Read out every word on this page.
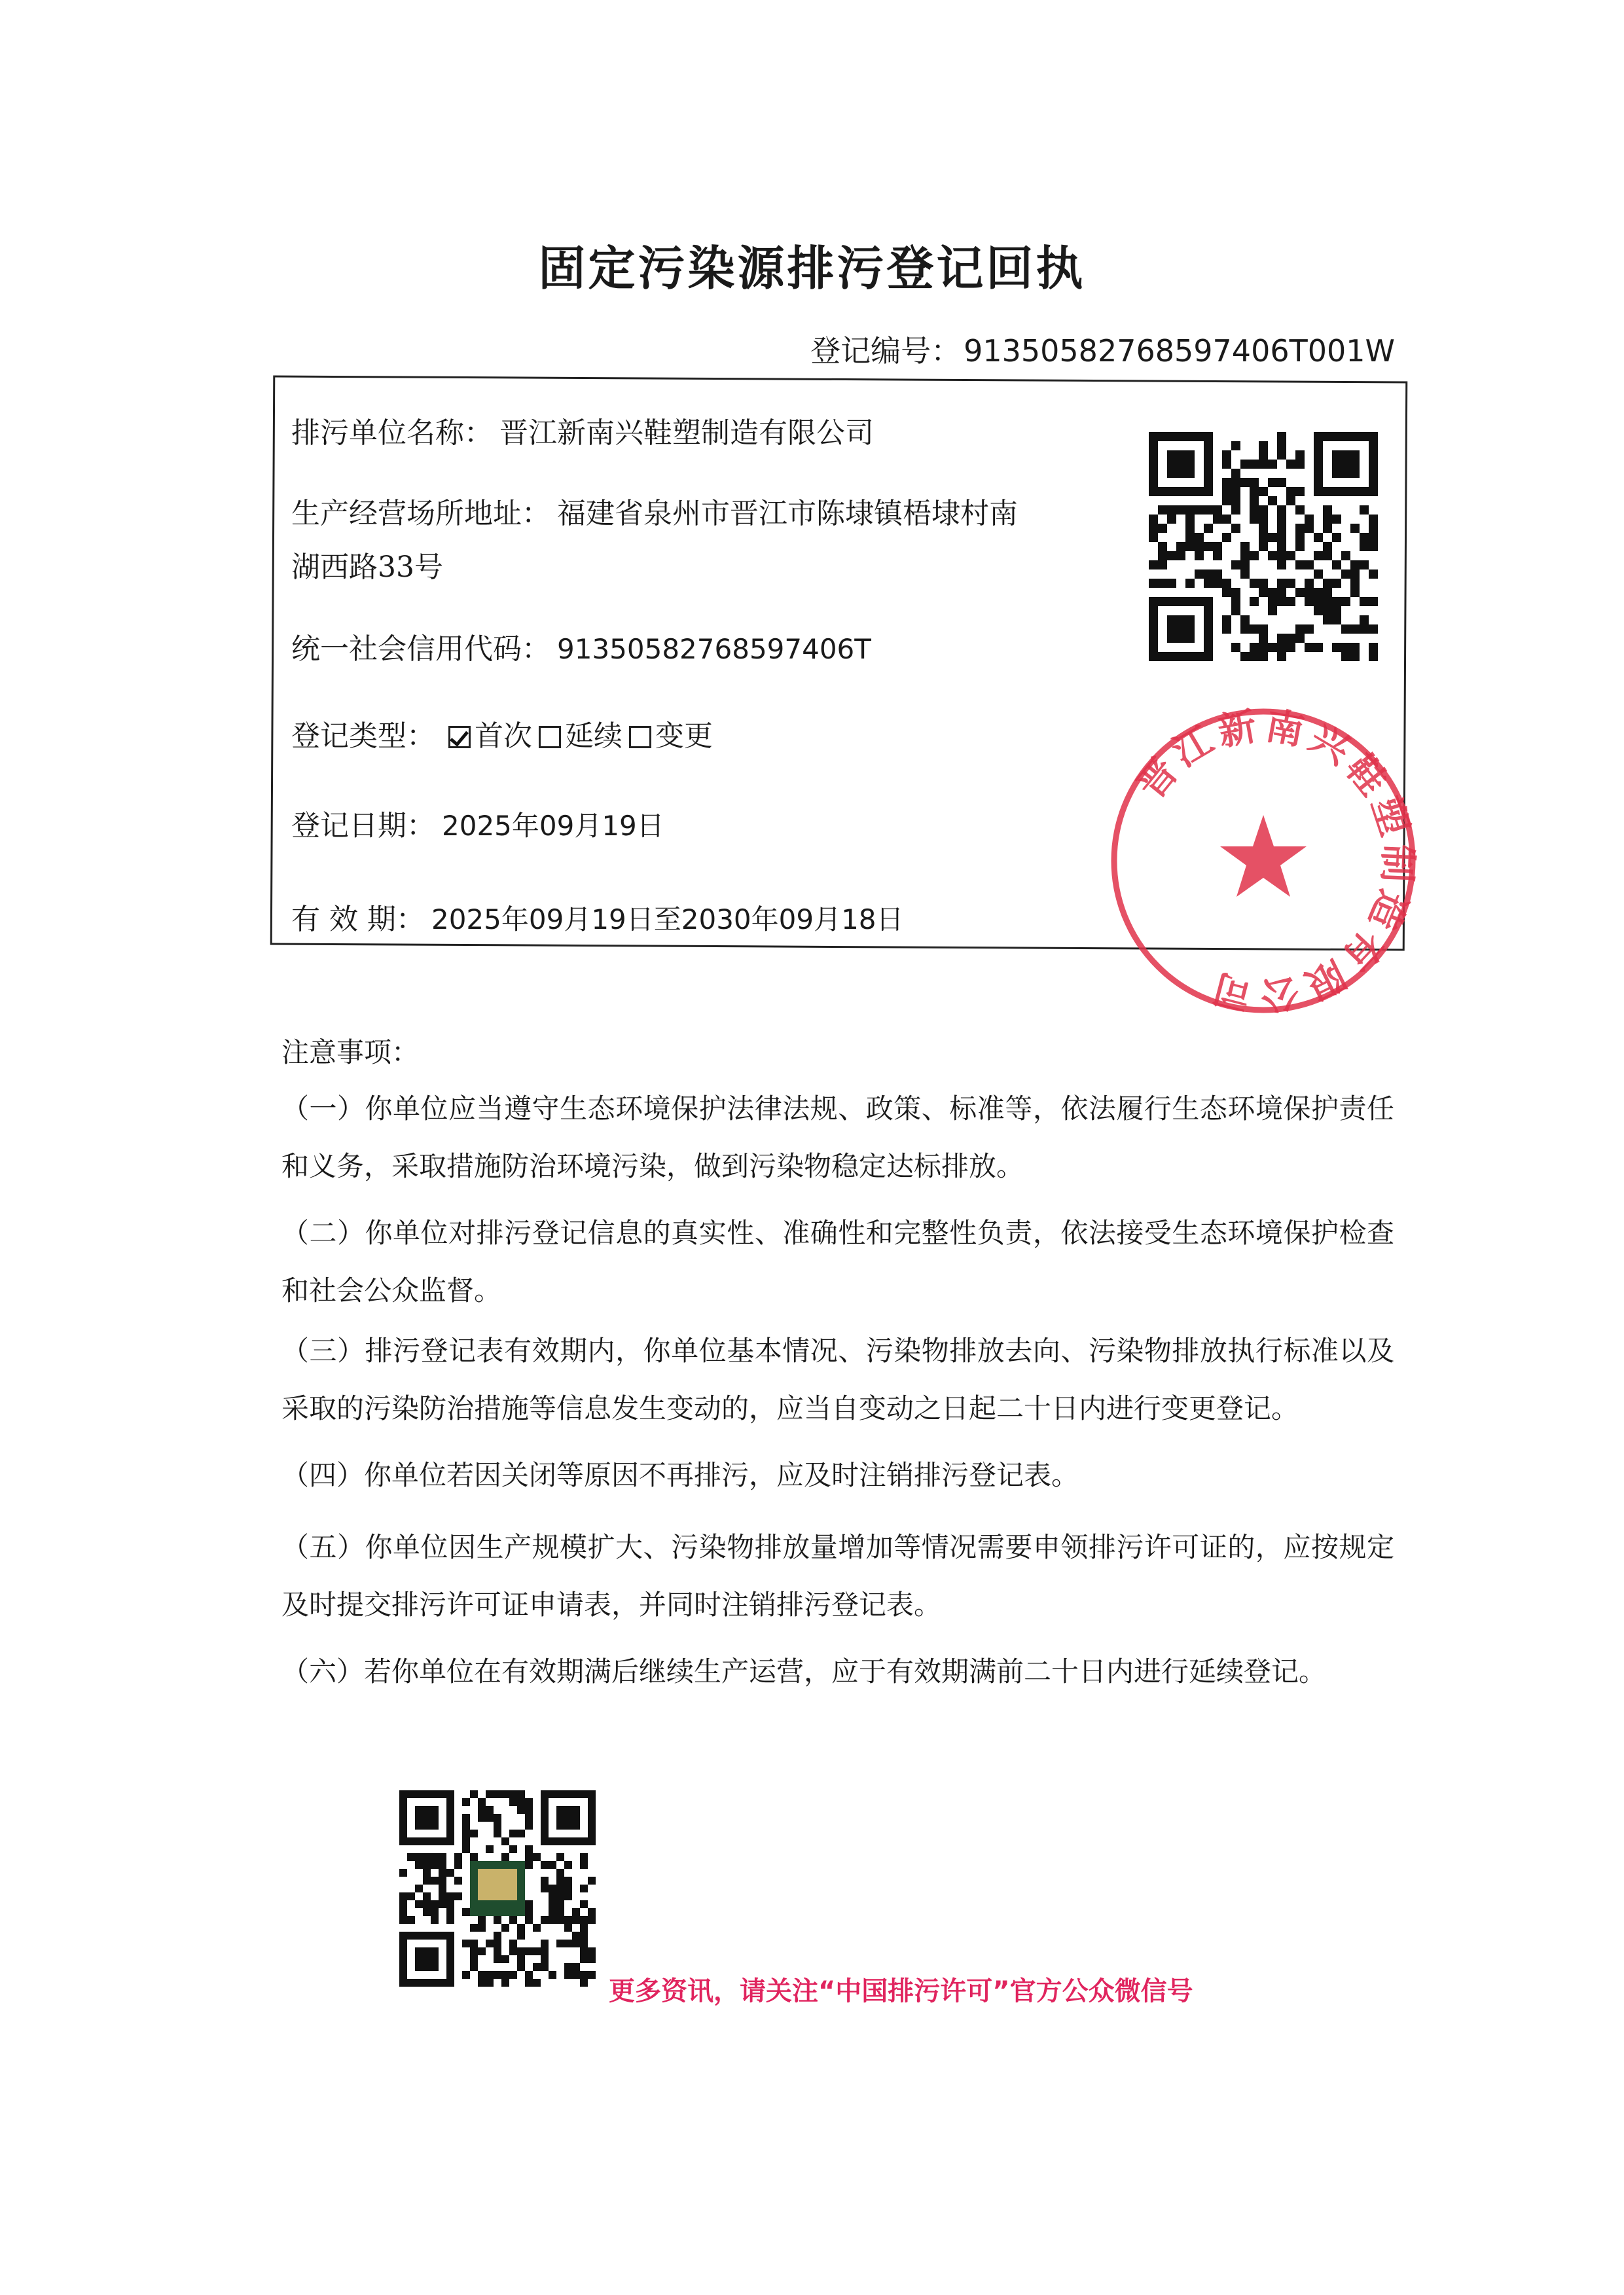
固定污染源排污登记回执
登记编号：91350582768597406T001W
排污单位名称： 晋江新南兴鞋塑制造有限公司
生产经营场所地址： 福建省泉州市晋江市陈埭镇梧埭村南
湖西路33号
统一社会信用代码： 91350582768597406T
登记类型： 首次 延续 变更
登记日期： 2025年09月19日
有 效 期： 2025年09月19日至2030年09月18日
晋江新南兴鞋塑制造有限公司
注意事项：
（一）你单位应当遵守生态环境保护法律法规、政策、标准等，依法履行生态环境保护责任和义务，采取措施防治环境污染，做到污染物稳定达标排放。
（二）你单位对排污登记信息的真实性、准确性和完整性负责，依法接受生态环境保护检查和社会公众监督。
（三）排污登记表有效期内，你单位基本情况、污染物排放去向、污染物排放执行标准以及采取的污染防治措施等信息发生变动的，应当自变动之日起二十日内进行变更登记。
（四）你单位若因关闭等原因不再排污，应及时注销排污登记表。
（五）你单位因生产规模扩大、污染物排放量增加等情况需要申领排污许可证的，应按规定及时提交排污许可证申请表，并同时注销排污登记表。
（六）若你单位在有效期满后继续生产运营，应于有效期满前二十日内进行延续登记。
更多资讯，请关注“中国排污许可”官方公众微信号
